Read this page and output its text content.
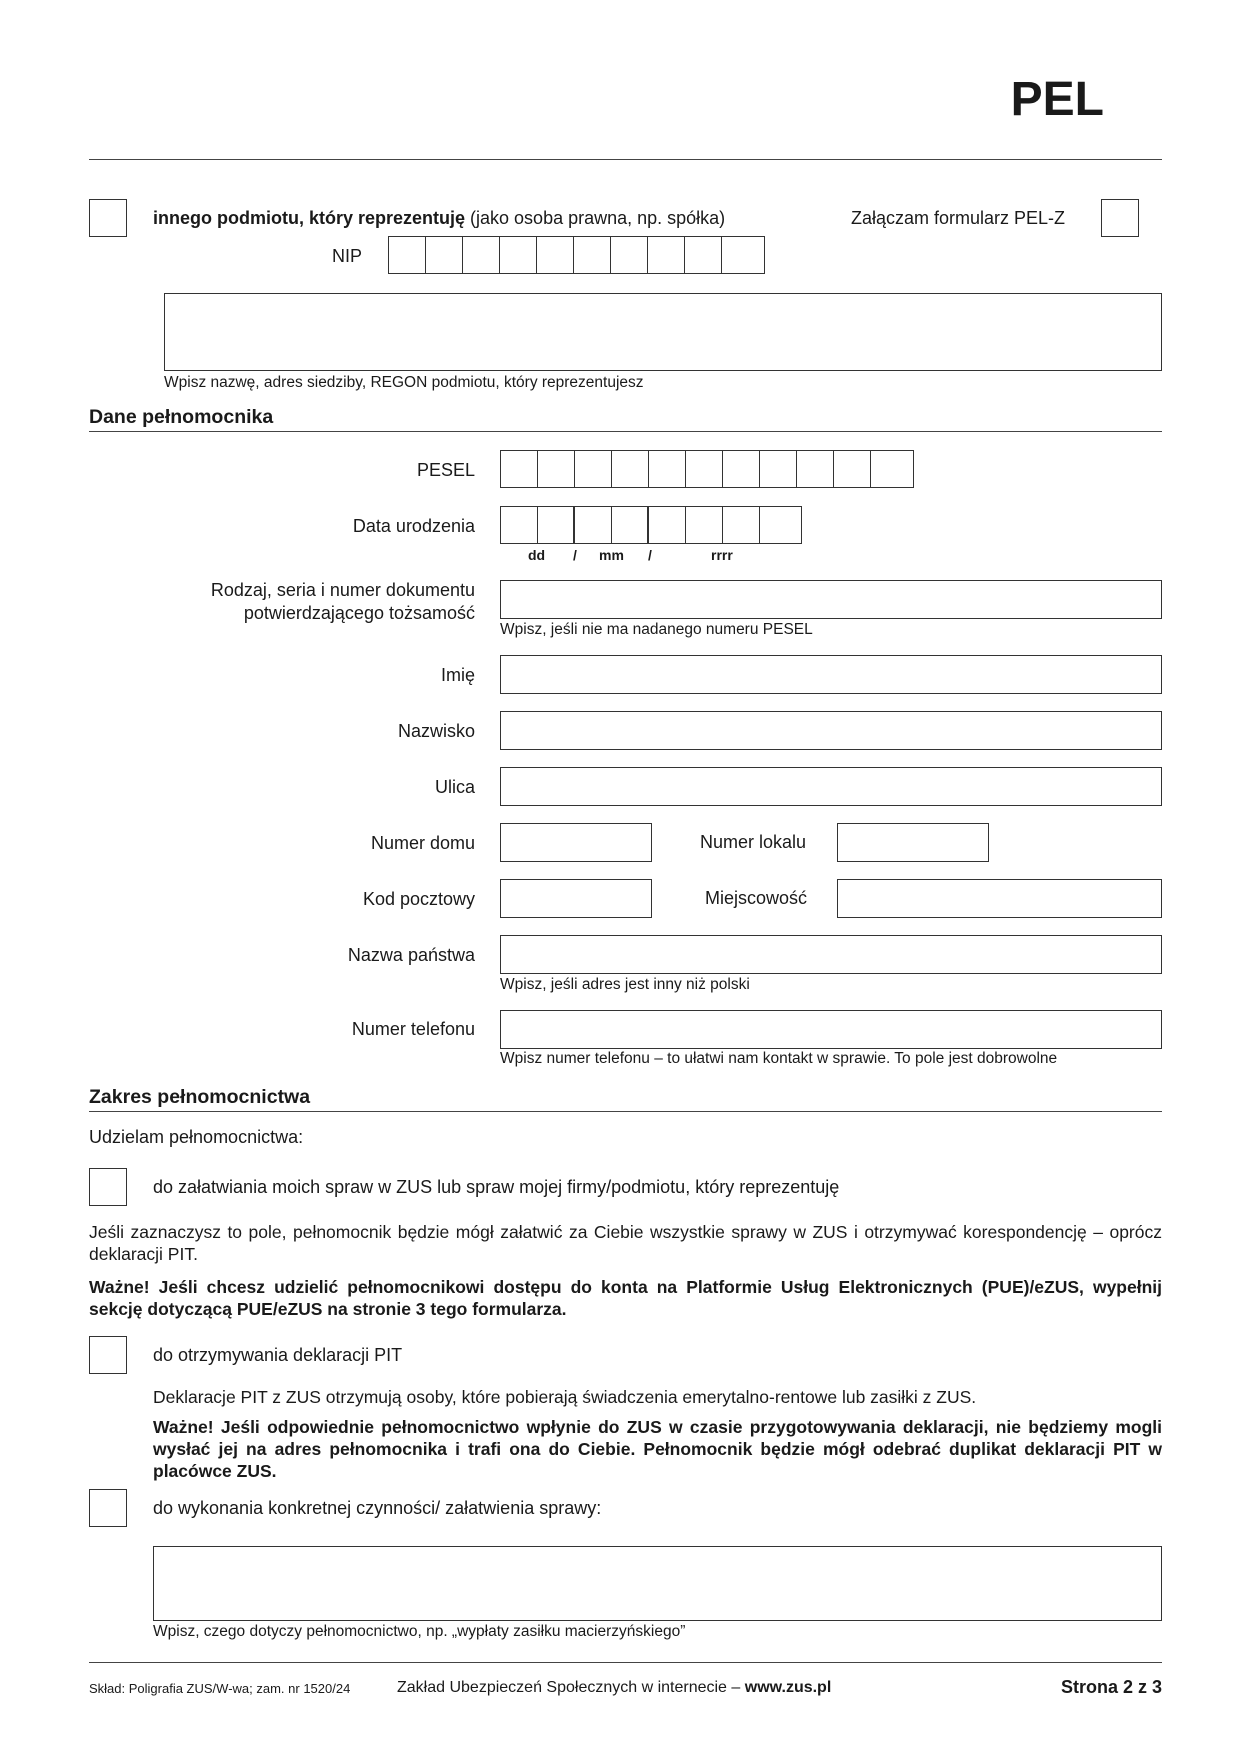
PEL
innego podmiotu, który reprezentuję (jako osoba prawna, np. spółka)	Załączam formularz PEL-Z
NIP
Wpisz nazwę, adres siedziby, REGON podmiotu, który reprezentujesz
Dane pełnomocnika
PESEL
Data urodzenia
dd / mm /	rrrr
Rodzaj, seria i numer dokumentu
potwierdzającego tożsamość
Wpisz, jeśli nie ma nadanego numeru PESEL
Imię
Nazwisko
Ulica
Numer domu	Numer lokalu
Kod pocztowy	Miejscowość
Nazwa państwa
Wpisz, jeśli adres jest inny niż polski
Numer telefonu
Wpisz numer telefonu – to ułatwi nam kontakt w sprawie. To pole jest dobrowolne
Zakres pełnomocnictwa
Udzielam pełnomocnictwa:
do załatwiania moich spraw w ZUS lub spraw mojej firmy/podmiotu, który reprezentuję
Jeśli zaznaczysz to pole, pełnomocnik będzie mógł załatwić za Ciebie wszystkie sprawy w ZUS i otrzymywać korespondencję – oprócz deklaracji PIT.
Ważne! Jeśli chcesz udzielić pełnomocnikowi dostępu do konta na Platformie Usług Elektronicznych (PUE)/eZUS, wypełnij sekcję dotyczącą PUE/eZUS na stronie 3 tego formularza.
do otrzymywania deklaracji PIT
Deklaracje PIT z ZUS otrzymują osoby, które pobierają świadczenia emerytalno-rentowe lub zasiłki z ZUS.
Ważne! Jeśli odpowiednie pełnomocnictwo wpłynie do ZUS w czasie przygotowywania deklaracji, nie będziemy mogli wysłać jej na adres pełnomocnika i trafi ona do Ciebie. Pełnomocnik będzie mógł odebrać duplikat deklaracji PIT w placówce ZUS.
do wykonania konkretnej czynności/ załatwienia sprawy:
Wpisz, czego dotyczy pełnomocnictwo, np. „wypłaty zasiłku macierzyńskiego”
Skład: Poligrafia ZUS/W-wa; zam. nr 1520/24	Zakład Ubezpieczeń Społecznych w internecie – www.zus.pl	Strona 2 z 3
